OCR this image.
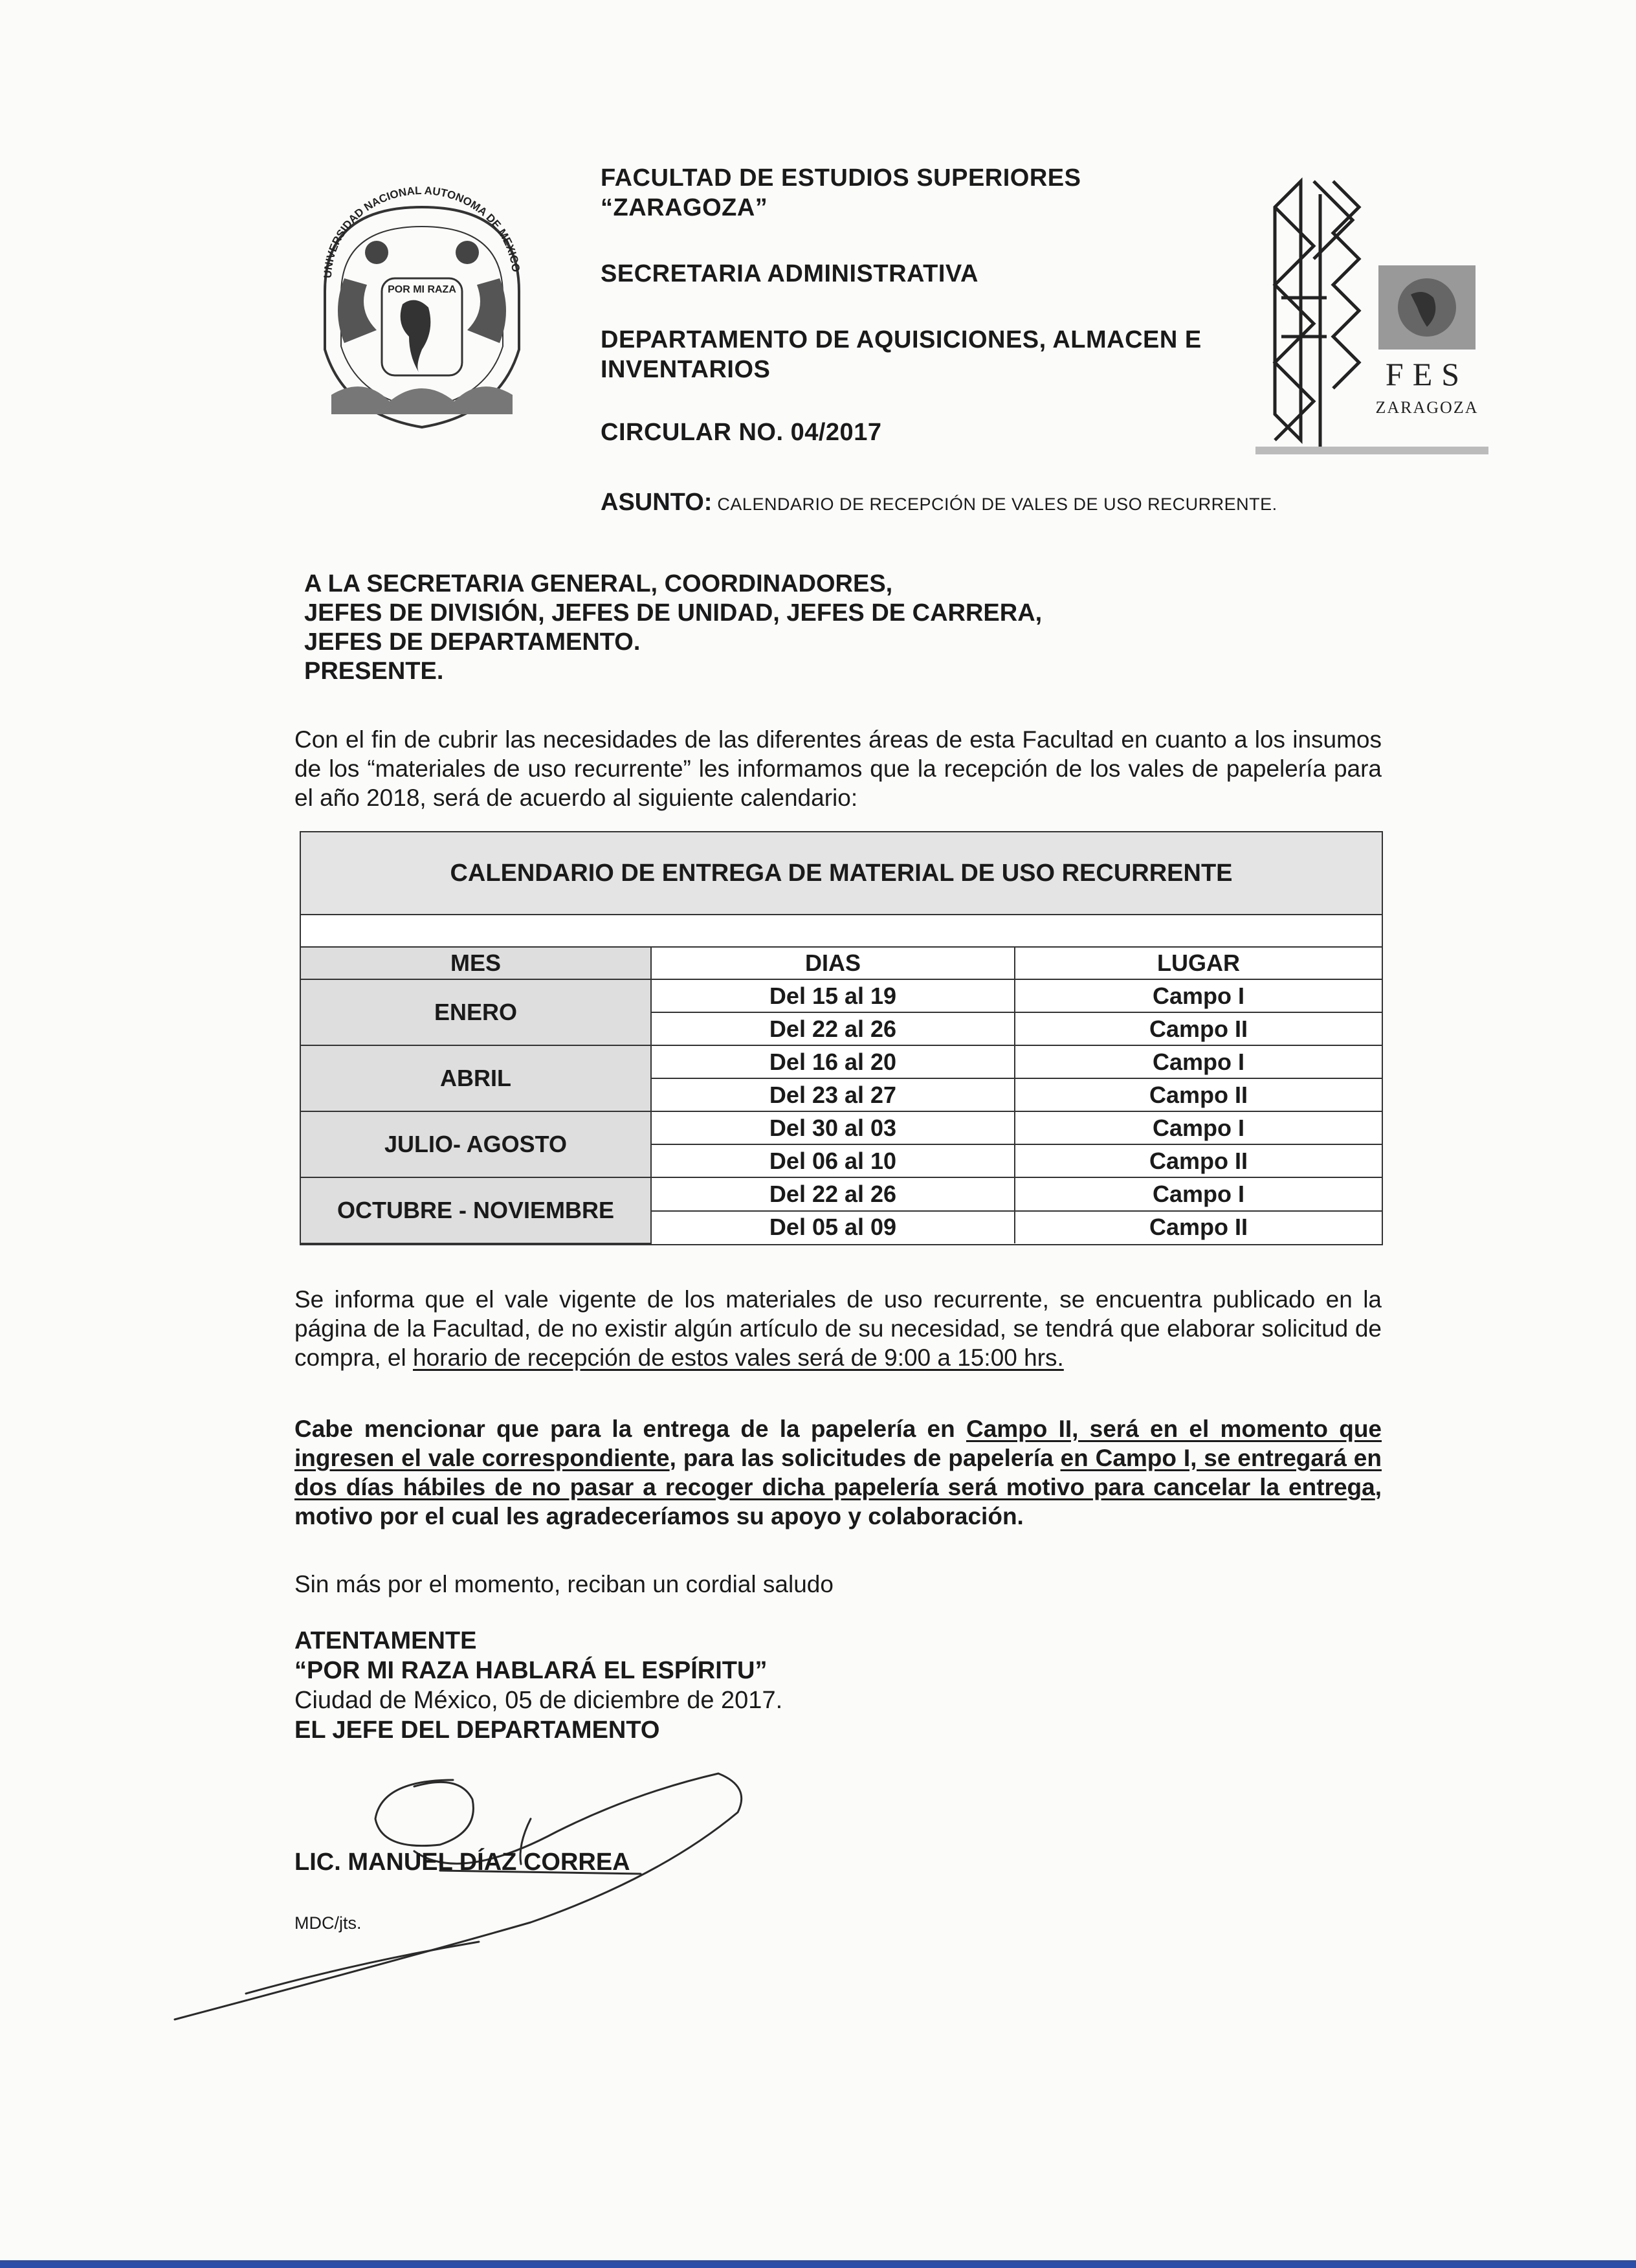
UNIVERSIDAD NACIONAL AUTONOMA DE MEXICO
POR MI RAZA
FES
ZARAGOZA
FACULTAD DE ESTUDIOS SUPERIORES
“ZARAGOZA”
SECRETARIA ADMINISTRATIVA
DEPARTAMENTO DE AQUISICIONES, ALMACEN E
INVENTARIOS
CIRCULAR NO. 04/2017
ASUNTO: CALENDARIO DE RECEPCIÓN DE VALES DE USO RECURRENTE.
A LA SECRETARIA GENERAL, COORDINADORES,
JEFES DE DIVISIÓN, JEFES DE UNIDAD, JEFES DE CARRERA,
JEFES DE DEPARTAMENTO.
PRESENTE.
Con el fin de cubrir las necesidades de las diferentes áreas de esta Facultad en cuanto a los insumos de los “materiales de uso recurrente” les informamos que la recepción de los vales de papelería para el año 2018, será de acuerdo al siguiente calendario:
CALENDARIO DE ENTREGA DE MATERIAL DE USO RECURRENTE
MES	DIAS	LUGAR
ENERO	Del 15 al 19	Campo I
	Del 22 al 26	Campo II
ABRIL	Del 16 al 20	Campo I
	Del 23 al 27	Campo II
JULIO- AGOSTO	Del 30 al 03	Campo I
	Del 06 al 10	Campo II
OCTUBRE - NOVIEMBRE	Del 22 al 26	Campo I
	Del 05 al 09	Campo II
Se informa que el vale vigente de los materiales de uso recurrente, se encuentra publicado en la página de la Facultad, de no existir algún artículo de su necesidad, se tendrá que elaborar solicitud de compra, el horario de recepción de estos vales será de 9:00 a 15:00 hrs.
Cabe mencionar que para la entrega de la papelería en Campo II, será en el momento que ingresen el vale correspondiente, para las solicitudes de papelería en Campo I, se entregará en dos días hábiles de no pasar a recoger dicha papelería será motivo para cancelar la entrega, motivo por el cual les agradeceríamos su apoyo y colaboración.
Sin más por el momento, reciban un cordial saludo
ATENTAMENTE
“POR MI RAZA HABLARÁ EL ESPÍRITU”
Ciudad de México, 05 de diciembre de 2017.
EL JEFE DEL DEPARTAMENTO
LIC. MANUEL DÍAZ CORREA
MDC/jts.
